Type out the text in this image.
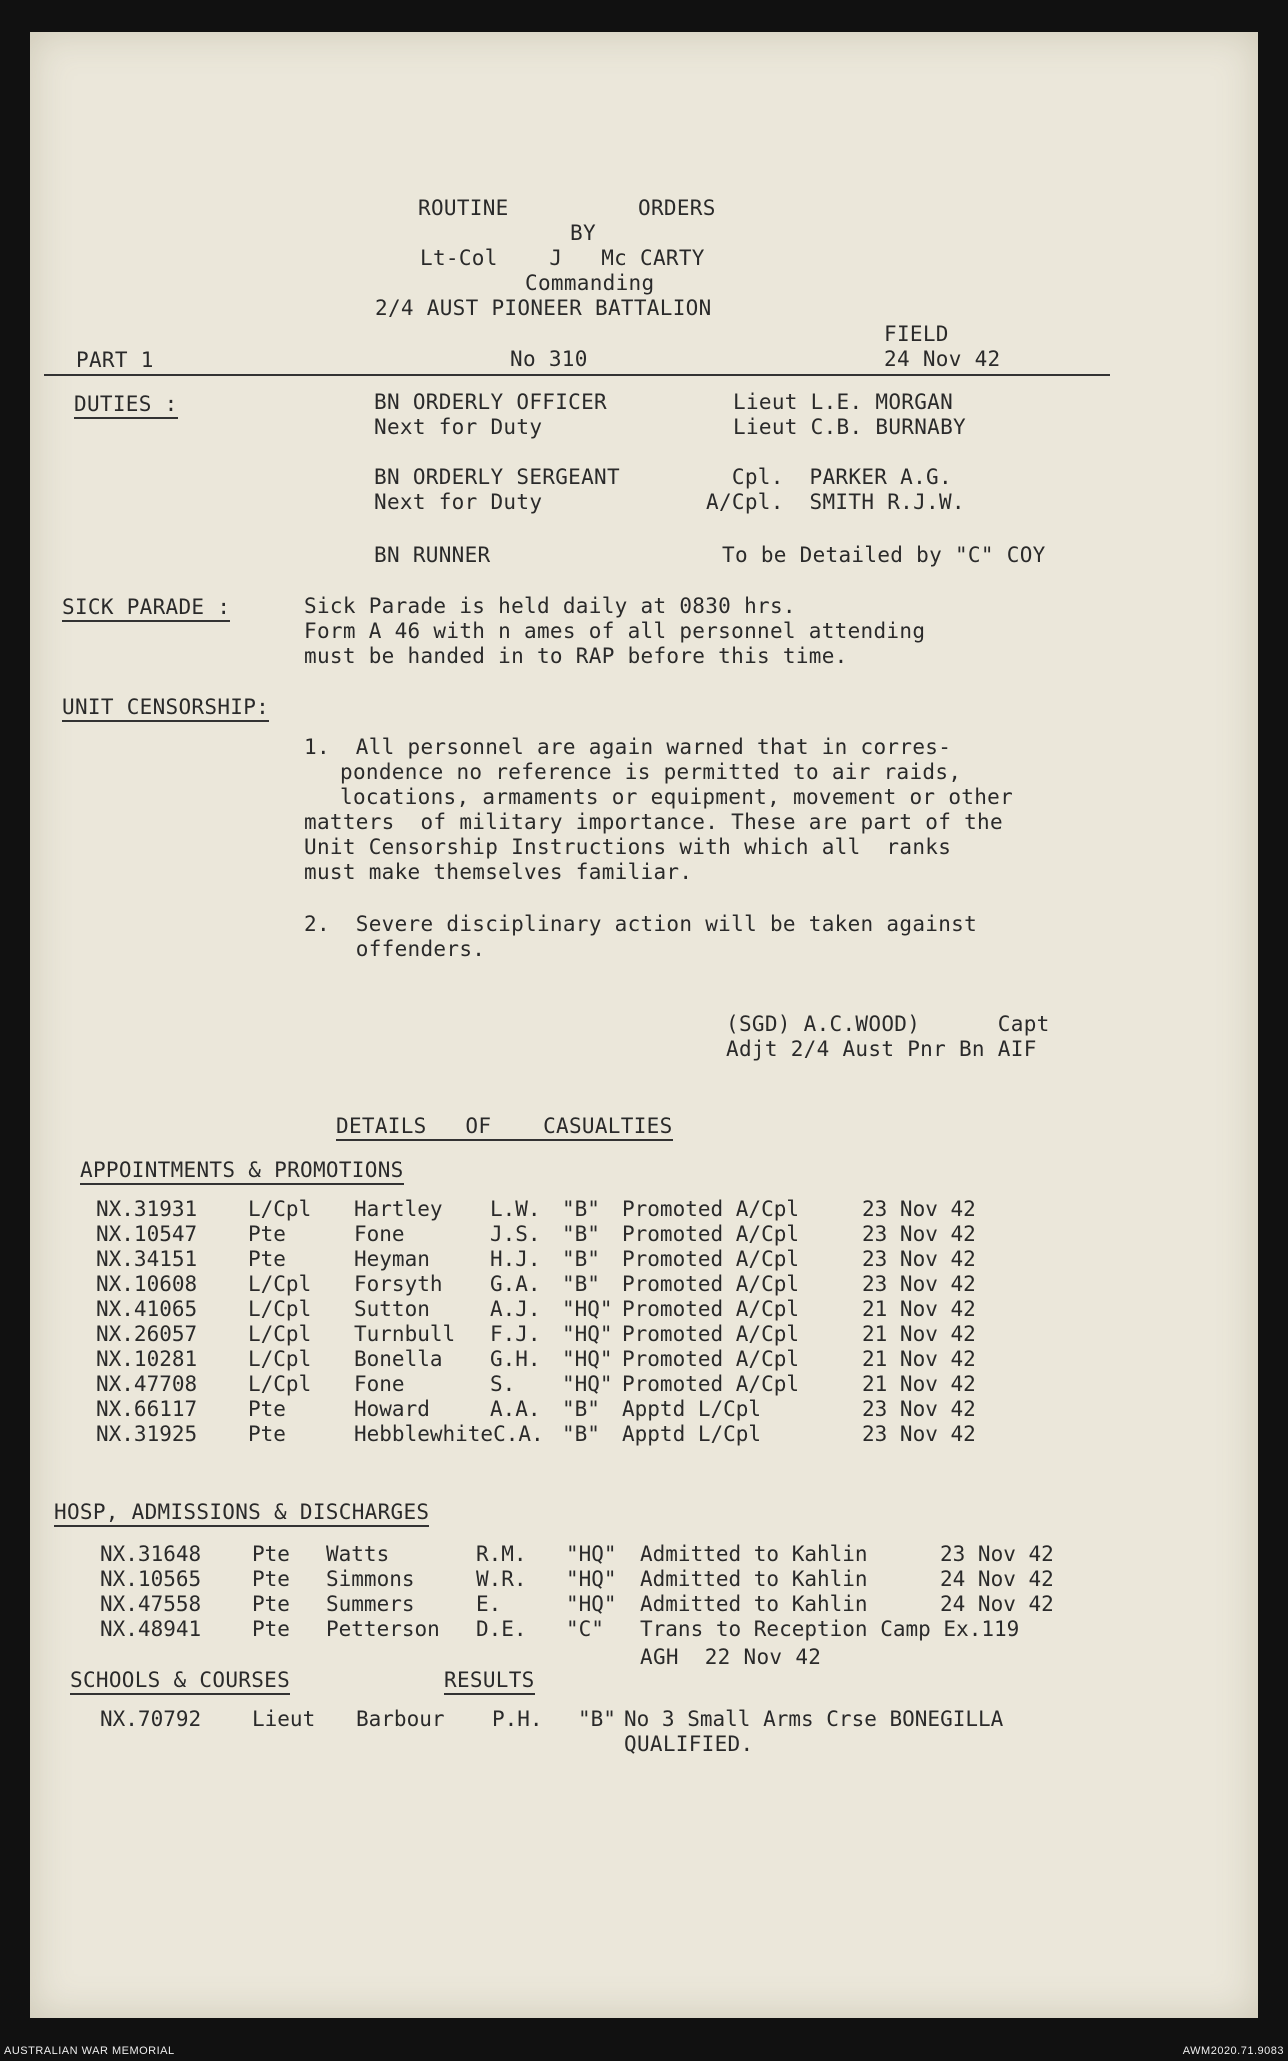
ROUTINE          ORDERS
BY
Lt-Col    J   Mc CARTY
Commanding
2/4 AUST PIONEER BATTALION
FIELD
PART 1	No 310	24 Nov 42
DUTIES :	BN ORDERLY OFFICER	Lieut L.E. MORGAN
Next for Duty	Lieut C.B. BURNABY
BN ORDERLY SERGEANT	Cpl.  PARKER A.G.
Next for Duty	A/Cpl.  SMITH R.J.W.
BN RUNNER	To be Detailed by "C" COY
SICK PARADE :	Sick Parade is held daily at 0830 hrs.
Form A 46 with n ames of all personnel attending
must be handed in to RAP before this time.
UNIT CENSORSHIP:
1.  All personnel are again warned that in corres-
pondence no reference is permitted to air raids,
locations, armaments or equipment, movement or other
matters  of military importance. These are part of the
Unit Censorship Instructions with which all  ranks
must make themselves familiar.
2.  Severe disciplinary action will be taken against
offenders.
(SGD) A.C.WOOD)      Capt
Adjt 2/4 Aust Pnr Bn AIF
DETAILS   OF    CASUALTIES
APPOINTMENTS & PROMOTIONS
NX.31931 L/Cpl Hartley L.W. "B" Promoted A/Cpl	23 Nov 42
NX.10547 Pte	Fone	J.S. "B" Promoted A/Cpl	23 Nov 42
NX.34151 Pte	Heyman	H.J. "B" Promoted A/Cpl	23 Nov 42
NX.10608 L/Cpl Forsyth G.A. "B" Promoted A/Cpl	23 Nov 42
NX.41065 L/Cpl Sutton	A.J. "HQ" Promoted A/Cpl	21 Nov 42
NX.26057 L/Cpl Turnbull F.J. "HQ" Promoted A/Cpl	21 Nov 42
NX.10281 L/Cpl Bonella G.H. "HQ" Promoted A/Cpl	21 Nov 42
NX.47708 L/Cpl Fone	S. "HQ" Promoted A/Cpl	21 Nov 42
NX.66117 Pte	Howard	A.A. "B" Apptd L/Cpl	23 Nov 42
NX.31925 Pte	HebblewhiteC.A. "B" Apptd L/Cpl	23 Nov 42
HOSP, ADMISSIONS & DISCHARGES
NX.31648 Pte Watts	R.M. "HQ" Admitted to Kahlin	23 Nov 42
NX.10565 Pte Simmons	W.R. "HQ" Admitted to Kahlin	24 Nov 42
NX.47558 Pte Summers	E.	"HQ" Admitted to Kahlin	24 Nov 42
NX.48941 Pte Petterson D.E. "C" Trans to Reception Camp Ex.119
AGH  22 Nov 42
SCHOOLS & COURSES	RESULTS
NX.70792 Lieut Barbour P.H. "B" No 3 Small Arms Crse BONEGILLA
QUALIFIED.
AUSTRALIAN WAR MEMORIAL	AWM2020.71.9083
